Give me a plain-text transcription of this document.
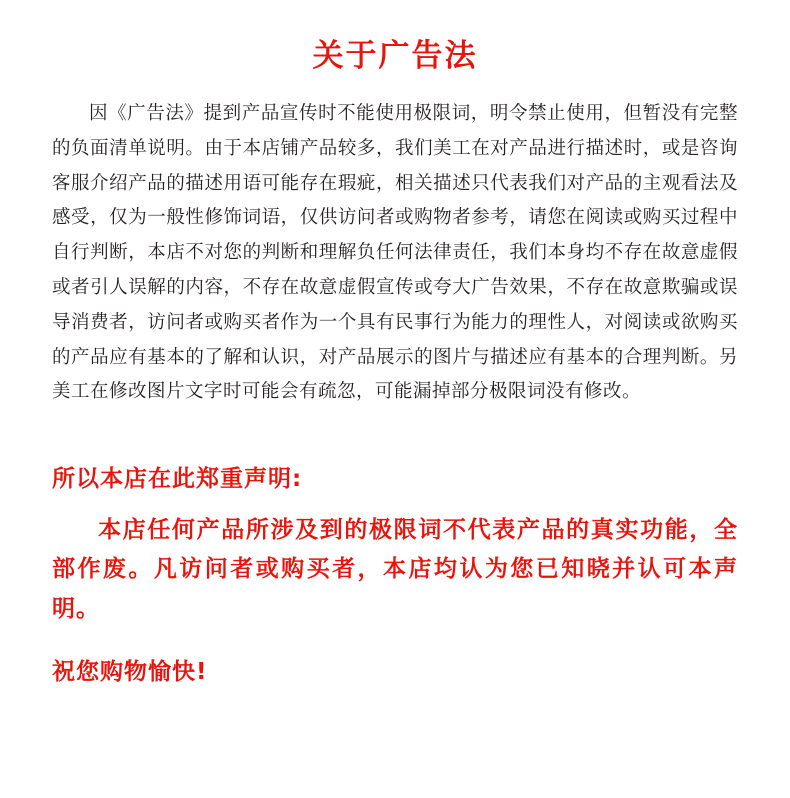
关于广告法

因《广告法》提到产品宣传时不能使用极限词，明令禁止使用，但暂没有完整的负面清单说明。由于本店铺产品较多，我们美工在对产品进行描述时，或是咨询客服介绍产品的描述用语可能存在瑕疵，相关描述只代表我们对产品的主观看法及感受，仅为一般性修饰词语，仅供访问者或购物者参考，请您在阅读或购买过程中自行判断，本店不对您的判断和理解负任何法律责任，我们本身均不存在故意虚假或者引人误解的内容，不存在故意虚假宣传或夸大广告效果，不存在故意欺骗或误导消费者，访问者或购买者作为一个具有民事行为能力的理性人，对阅读或欲购买的产品应有基本的了解和认识，对产品展示的图片与描述应有基本的合理判断。另美工在修改图片文字时可能会有疏忽，可能漏掉部分极限词没有修改。

所以本店在此郑重声明:

本店任何产品所涉及到的极限词不代表产品的真实功能，全部作废。凡访问者或购买者，本店均认为您已知晓并认可本声明。

祝您购物愉快!
